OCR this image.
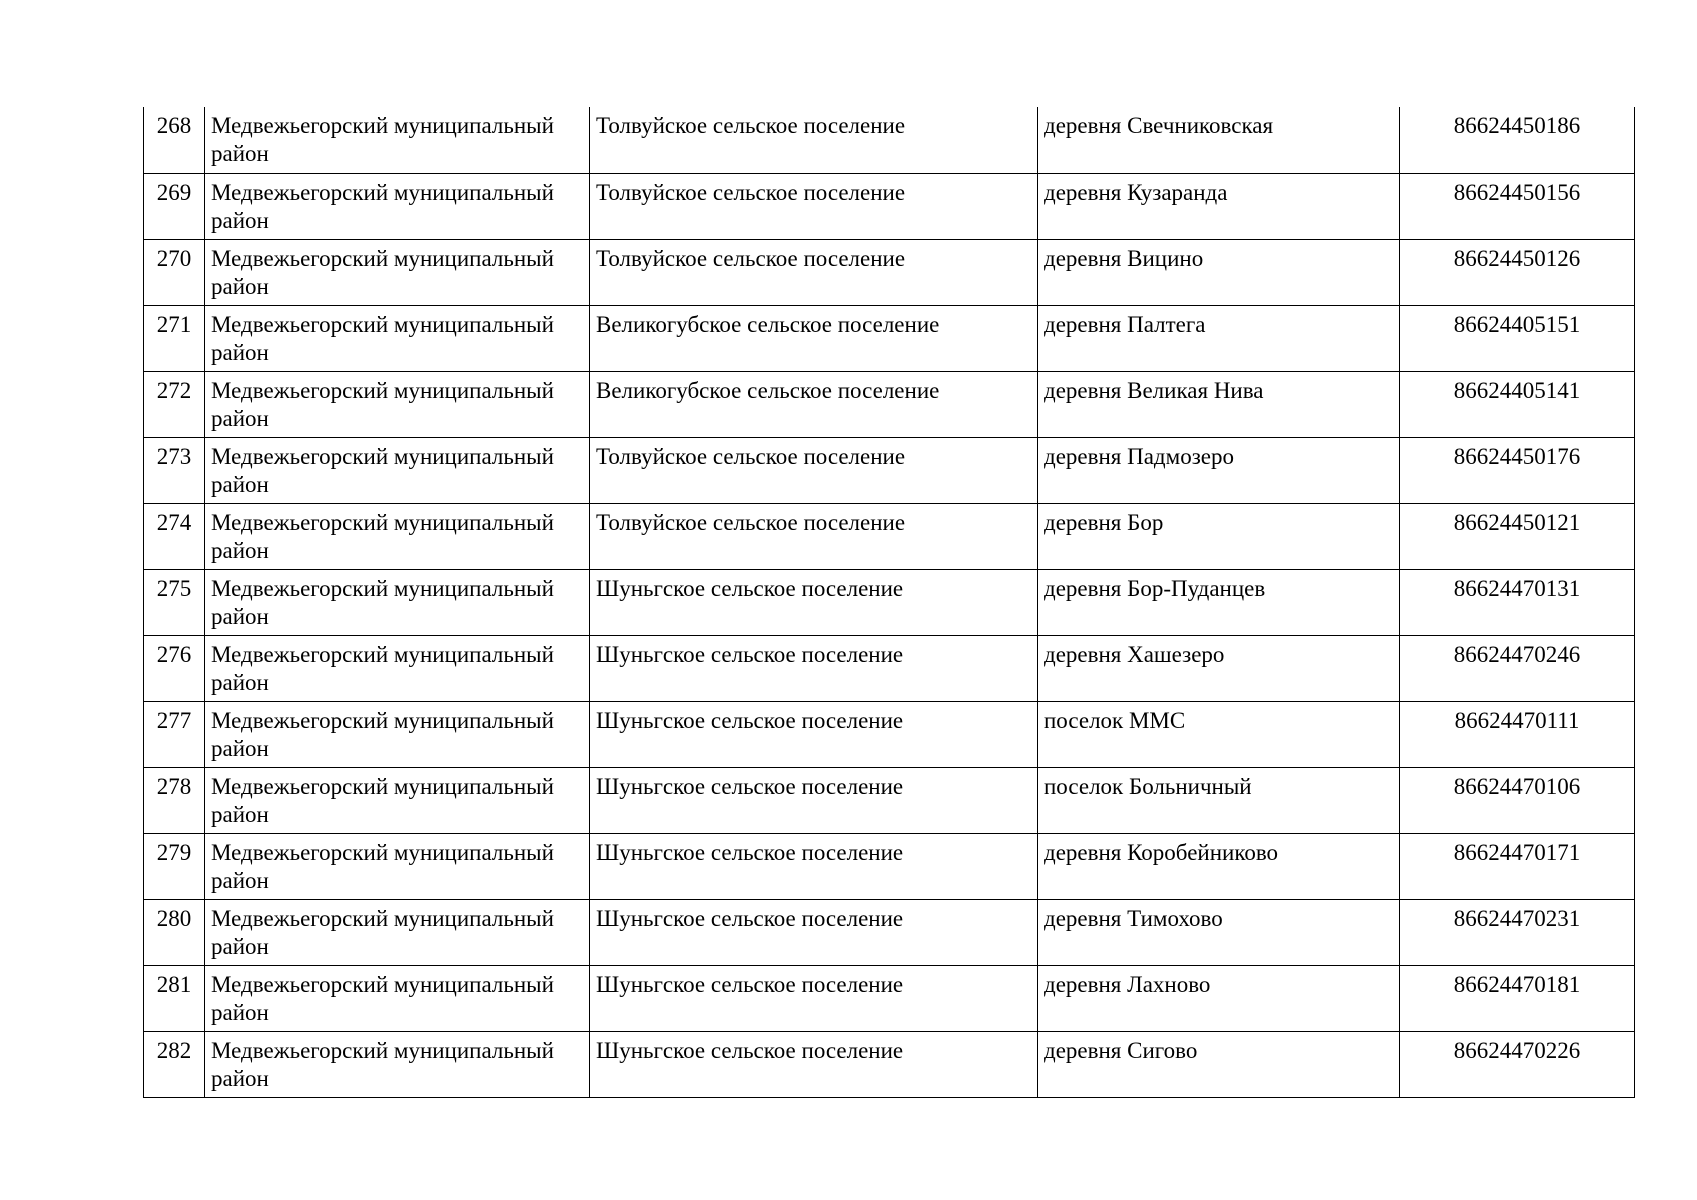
268	Медвежьегорский муниципальный район	Толвуйское сельское поселение	деревня Свечниковская	86624450186
269	Медвежьегорский муниципальный район	Толвуйское сельское поселение	деревня Кузаранда	86624450156
270	Медвежьегорский муниципальный район	Толвуйское сельское поселение	деревня Вицино	86624450126
271	Медвежьегорский муниципальный район	Великогубское сельское поселение	деревня Палтега	86624405151
272	Медвежьегорский муниципальный район	Великогубское сельское поселение	деревня Великая Нива	86624405141
273	Медвежьегорский муниципальный район	Толвуйское сельское поселение	деревня Падмозеро	86624450176
274	Медвежьегорский муниципальный район	Толвуйское сельское поселение	деревня Бор	86624450121
275	Медвежьегорский муниципальный район	Шуньгское сельское поселение	деревня Бор-Пуданцев	86624470131
276	Медвежьегорский муниципальный район	Шуньгское сельское поселение	деревня Хашезеро	86624470246
277	Медвежьегорский муниципальный район	Шуньгское сельское поселение	поселок ММС	86624470111
278	Медвежьегорский муниципальный район	Шуньгское сельское поселение	поселок Больничный	86624470106
279	Медвежьегорский муниципальный район	Шуньгское сельское поселение	деревня Коробейниково	86624470171
280	Медвежьегорский муниципальный район	Шуньгское сельское поселение	деревня Тимохово	86624470231
281	Медвежьегорский муниципальный район	Шуньгское сельское поселение	деревня Лахново	86624470181
282	Медвежьегорский муниципальный район	Шуньгское сельское поселение	деревня Сигово	86624470226
